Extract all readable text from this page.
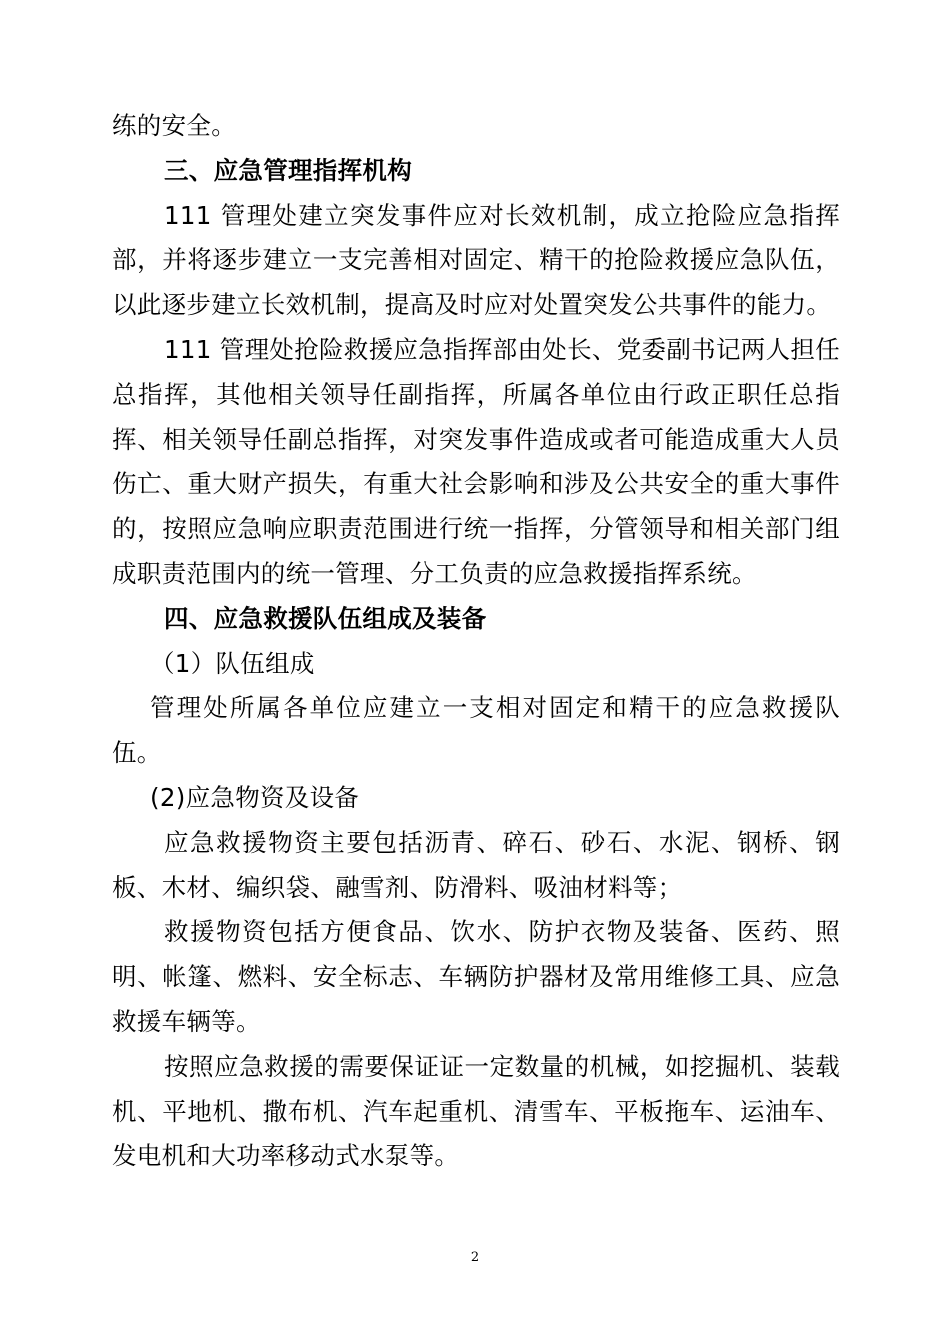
练的安全。

三、应急管理指挥机构

111 管理处建立突发事件应对长效机制，成立抢险应急指挥部，并将逐步建立一支完善相对固定、精干的抢险救援应急队伍，以此逐步建立长效机制，提高及时应对处置突发公共事件的能力。

111 管理处抢险救援应急指挥部由处长、党委副书记两人担任总指挥，其他相关领导任副指挥，所属各单位由行政正职任总指挥、相关领导任副总指挥，对突发事件造成或者可能造成重大人员伤亡、重大财产损失，有重大社会影响和涉及公共安全的重大事件的，按照应急响应职责范围进行统一指挥，分管领导和相关部门组成职责范围内的统一管理、分工负责的应急救援指挥系统。

四、应急救援队伍组成及装备

（1）队伍组成

管理处所属各单位应建立一支相对固定和精干的应急救援队伍。

(2)应急物资及设备

应急救援物资主要包括沥青、碎石、砂石、水泥、钢桥、钢板、木材、编织袋、融雪剂、防滑料、吸油材料等；

救援物资包括方便食品、饮水、防护衣物及装备、医药、照明、帐篷、燃料、安全标志、车辆防护器材及常用维修工具、应急救援车辆等。

按照应急救援的需要保证证一定数量的机械，如挖掘机、装载机、平地机、撒布机、汽车起重机、清雪车、平板拖车、运油车、发电机和大功率移动式水泵等。

2
